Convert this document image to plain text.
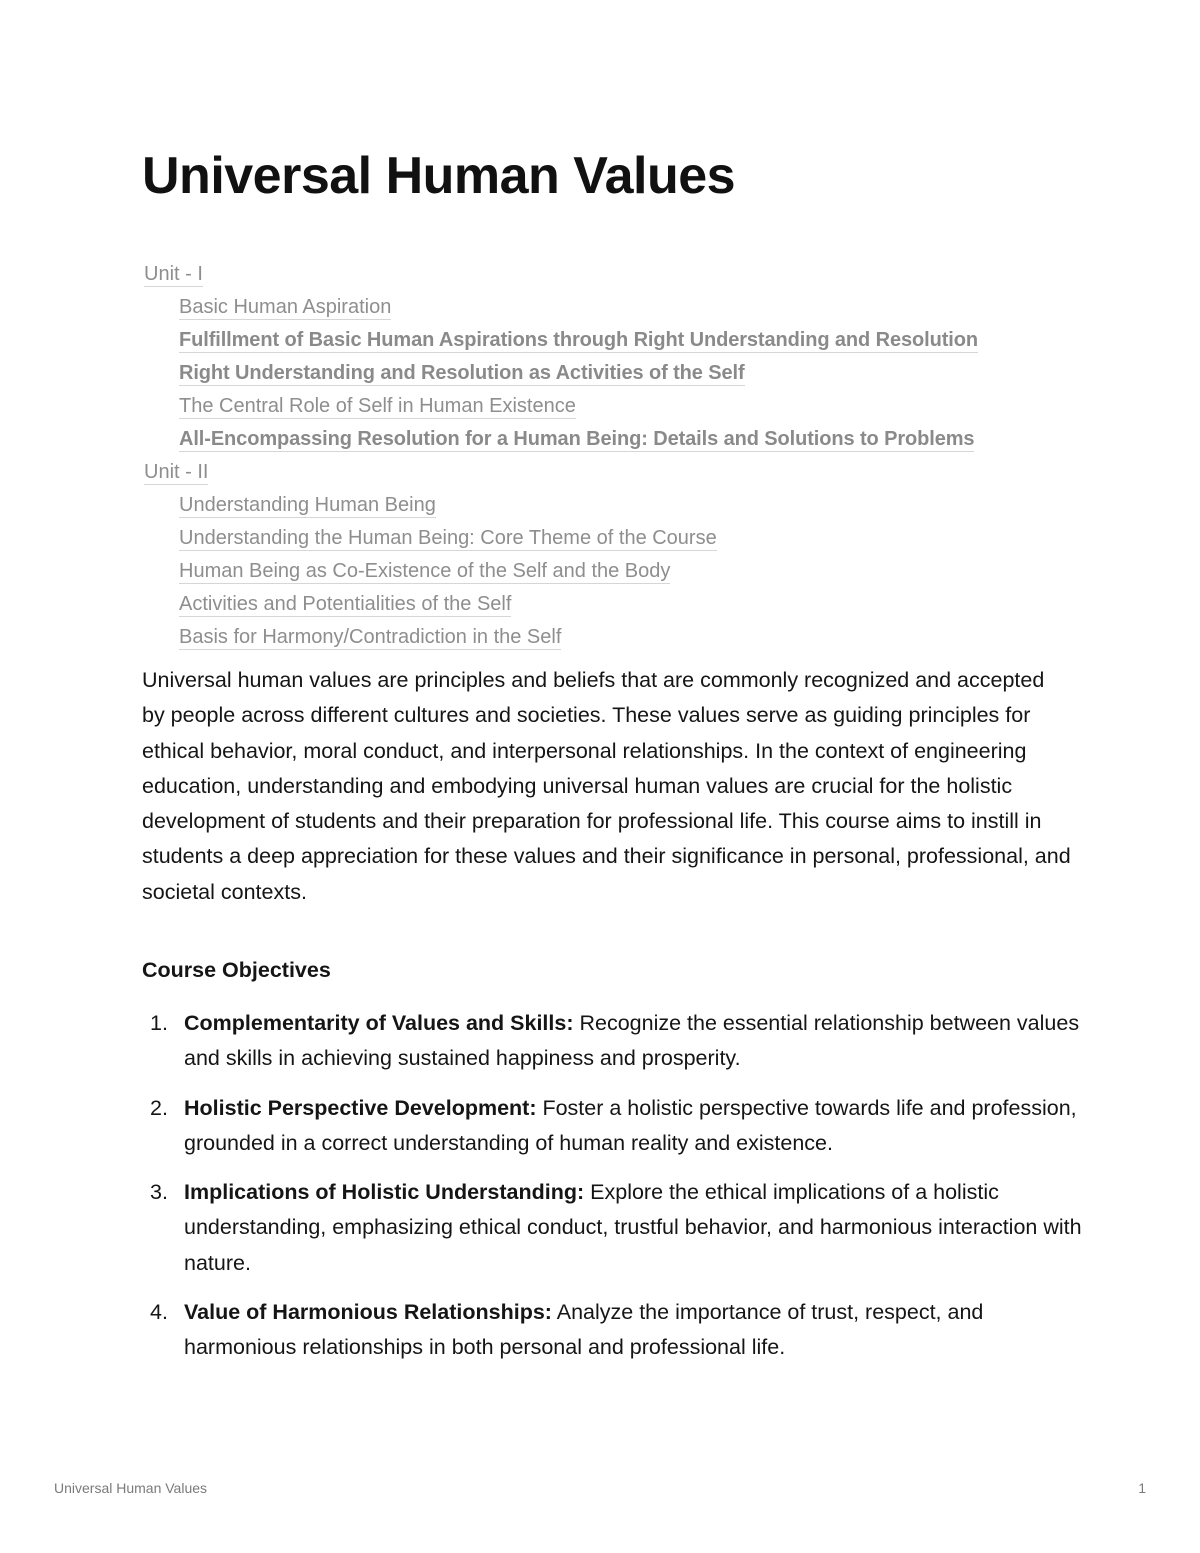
Universal Human Values
Unit - I
Basic Human Aspiration
Fulfillment of Basic Human Aspirations through Right Understanding and Resolution
Right Understanding and Resolution as Activities of the Self
The Central Role of Self in Human Existence
All-Encompassing Resolution for a Human Being: Details and Solutions to Problems
Unit - II
Understanding Human Being
Understanding the Human Being: Core Theme of the Course
Human Being as Co-Existence of the Self and the Body
Activities and Potentialities of the Self
Basis for Harmony/Contradiction in the Self

Universal human values are principles and beliefs that are commonly recognized and accepted by people across different cultures and societies. These values serve as guiding principles for ethical behavior, moral conduct, and interpersonal relationships. In the context of engineering education, understanding and embodying universal human values are crucial for the holistic development of students and their preparation for professional life. This course aims to instill in students a deep appreciation for these values and their significance in personal, professional, and societal contexts.

Course Objectives
1. Complementarity of Values and Skills: Recognize the essential relationship between values and skills in achieving sustained happiness and prosperity.
2. Holistic Perspective Development: Foster a holistic perspective towards life and profession, grounded in a correct understanding of human reality and existence.
3. Implications of Holistic Understanding: Explore the ethical implications of a holistic understanding, emphasizing ethical conduct, trustful behavior, and harmonious interaction with nature.
4. Value of Harmonious Relationships: Analyze the importance of trust, respect, and harmonious relationships in both personal and professional life.
Universal Human Values	1
